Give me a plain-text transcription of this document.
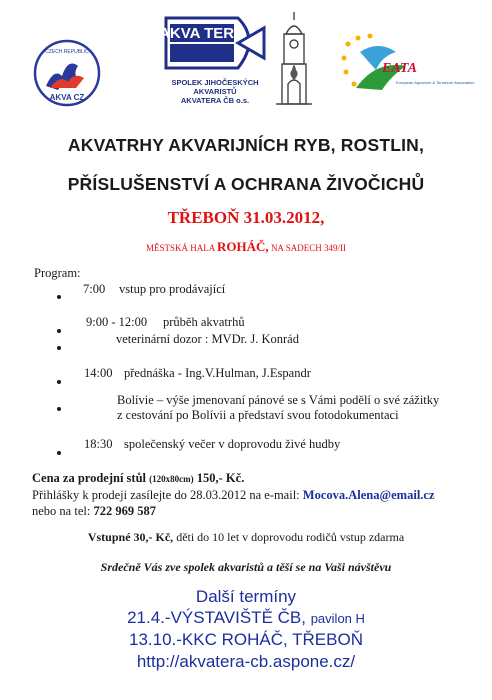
CZECH REPUBLIC
AKVA CZ
AKVA TERA
SPOLEK JIHOČESKÝCH
AKVARISTŮ
AKVATERA ČB o.s.
EATA
European Aquarium & Terrarium Association
AKVATRHY AKVARIJNÍCH RYB, ROSTLIN,
PŘÍSLUŠENSTVÍ A OCHRANA ŽIVOČICHŮ
TŘEBOŇ 31.03.2012,
MĚSTSKÁ HALA ROHÁČ, NA SADECH 349/II
Program:
7:00 vstup pro prodávající
9:00 - 12:00 průběh akvatrhů
veterinární dozor : MVDr. J. Konrád
14:00 přednáška - Ing.V.Hulman, J.Espandr
Bolívie – výše jmenovaní pánové se s Vámi podělí o své zážitky
z cestování po Bolívii a představí svou fotodokumentaci
18:30 společenský večer v doprovodu živé hudby
Cena za prodejní stůl (120x80cm) 150,- Kč.
Přihlášky k prodeji zasílejte do 28.03.2012 na e-mail: Mocova.Alena@email.cz
nebo na tel: 722 969 587
Vstupné 30,- Kč, děti do 10 let v doprovodu rodičů vstup zdarma
Srdečně Vás zve spolek akvaristů a těší se na Vaši návštěvu
Další termíny
21.4.-VÝSTAVIŠTĚ ČB, pavilon H
13.10.-KKC ROHÁČ, TŘEBOŇ
http://akvatera-cb.aspone.cz/
